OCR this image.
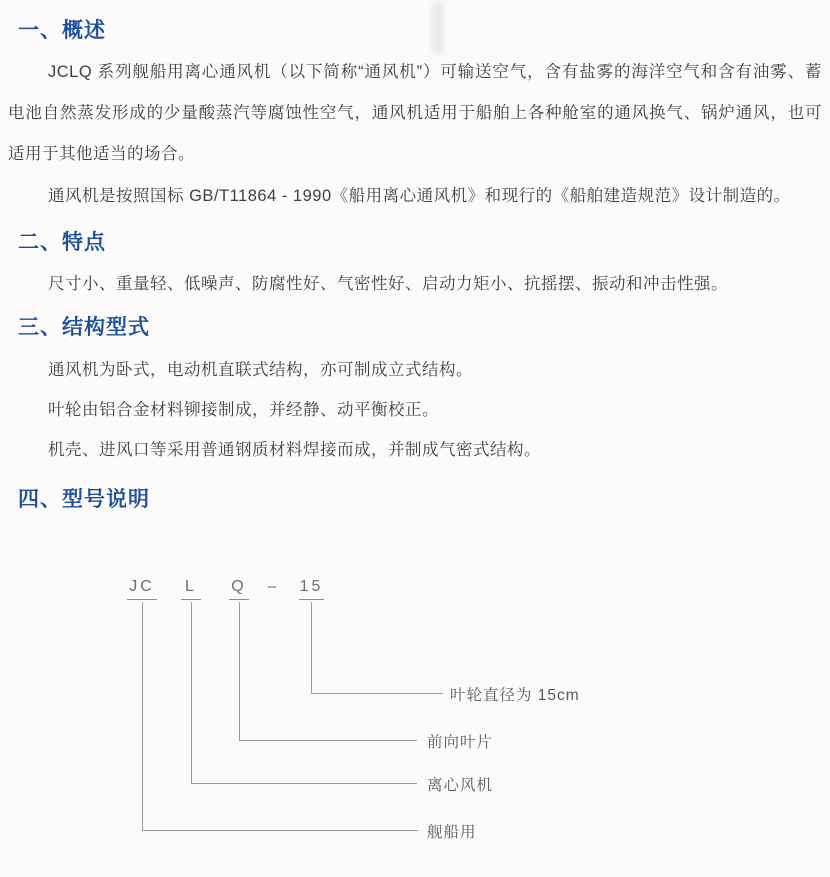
一、概述

JCLQ 系列舰船用离心通风机（以下简称“通风机”）可输送空气，含有盐雾的海洋空气和含有油雾、蓄电池自然蒸发形成的少量酸蒸汽等腐蚀性空气，通风机适用于船舶上各种舱室的通风换气、锅炉通风，也可适用于其他适当的场合。

通风机是按照国标 GB/T11864 - 1990《船用离心通风机》和现行的《船舶建造规范》设计制造的。

二、特点

尺寸小、重量轻、低噪声、防腐性好、气密性好、启动力矩小、抗摇摆、振动和冲击性强。

三、结构型式

通风机为卧式，电动机直联式结构，亦可制成立式结构。

叶轮由铝合金材料铆接制成，并经静、动平衡校正。

机壳、进风口等采用普通钢质材料焊接而成，并制成气密式结构。

四、型号说明
JC L Q – 15

叶轮直径为 15cm

前向叶片

离心风机

舰船用
